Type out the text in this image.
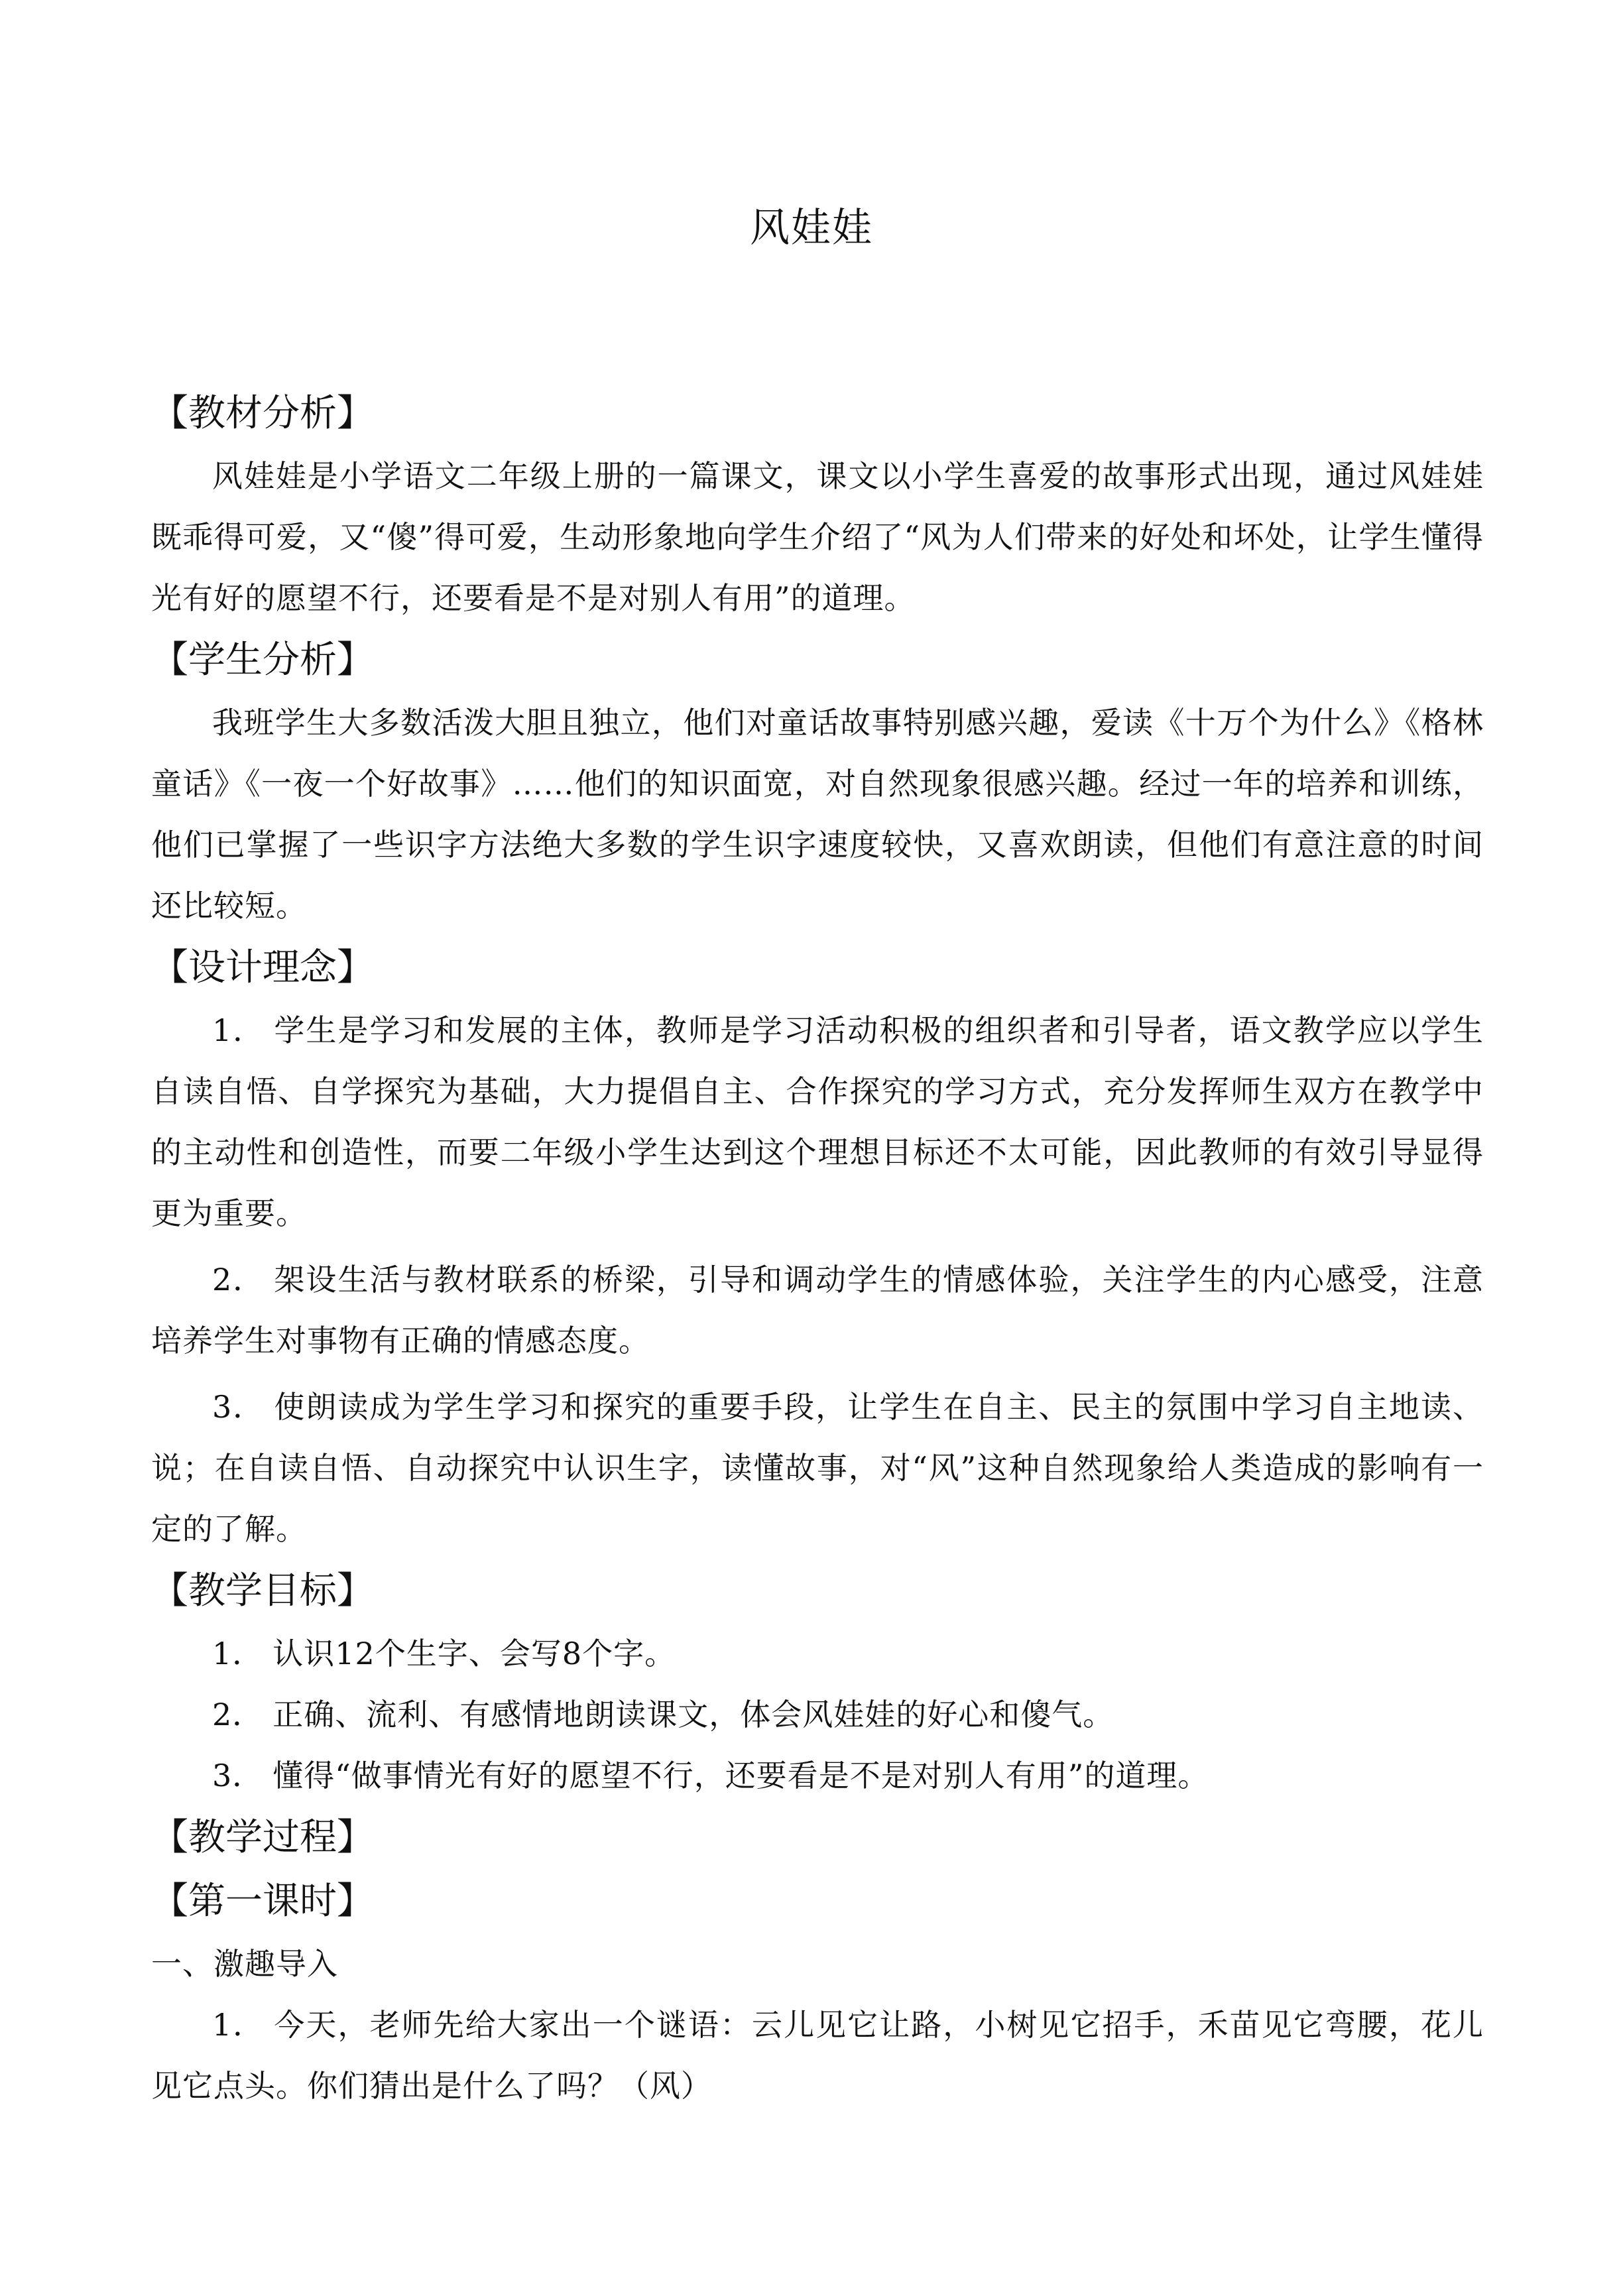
风娃娃
【教材分析】

风娃娃是小学语文二年级上册的一篇课文，课文以小学生喜爱的故事形式出现，通过风娃娃既乖得可爱，又“傻”得可爱，生动形象地向学生介绍了“风为人们带来的好处和坏处，让学生懂得光有好的愿望不行，还要看是不是对别人有用”的道理。

【学生分析】

我班学生大多数活泼大胆且独立，他们对童话故事特别感兴趣，爱读《十万个为什么》《格林童话》《一夜一个好故事》……他们的知识面宽，对自然现象很感兴趣。经过一年的培养和训练，他们已掌握了一些识字方法绝大多数的学生识字速度较快，又喜欢朗读，但他们有意注意的时间还比较短。

【设计理念】

1． 学生是学习和发展的主体，教师是学习活动积极的组织者和引导者，语文教学应以学生自读自悟、自学探究为基础，大力提倡自主、合作探究的学习方式，充分发挥师生双方在教学中的主动性和创造性，而要二年级小学生达到这个理想目标还不太可能，因此教师的有效引导显得更为重要。

2． 架设生活与教材联系的桥梁，引导和调动学生的情感体验，关注学生的内心感受，注意培养学生对事物有正确的情感态度。

3． 使朗读成为学生学习和探究的重要手段，让学生在自主、民主的氛围中学习自主地读、说；在自读自悟、自动探究中认识生字，读懂故事，对“风”这种自然现象给人类造成的影响有一定的了解。

【教学目标】

1． 认识12个生字、会写8个字。

2． 正确、流利、有感情地朗读课文，体会风娃娃的好心和傻气。

3． 懂得“做事情光有好的愿望不行，还要看是不是对别人有用”的道理。

【教学过程】
【第一课时】

一、激趣导入

1． 今天，老师先给大家出一个谜语：云儿见它让路，小树见它招手，禾苗见它弯腰，花儿见它点头。你们猜出是什么了吗？（风）
